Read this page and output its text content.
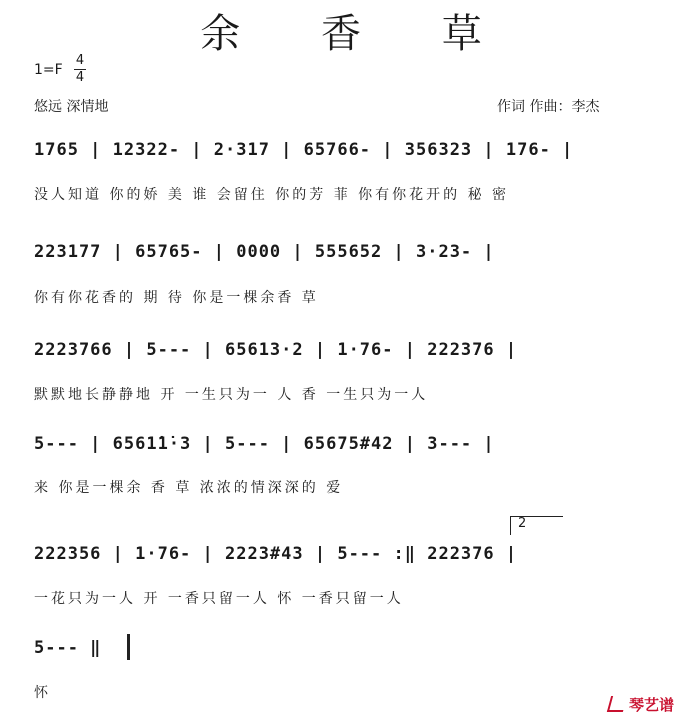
余 香 草
1=F
4
4
悠远 深情地	作词 作曲：李杰
1765 | 12322- | 2·317 | 65766- | 356323 | 176- |
没人知道 你的娇 美 谁 会留住 你的芳 菲 你有你花开的 秘 密
223177 | 65765- | 0000 | 555652 | 3·23- |
你有你花香的 期 待 你是一棵余香 草
2223766 | 5--- | 65613·2 | 1·76- | 222376 |
默默地长静静地 开 一生只为一 人 香 一生只为一人
5--- | 6561̇1̇·3 | 5--- | 65675#42 | 3--- |
来 你是一棵余 香 草 浓浓的情深深的 爱
2
222356 | 1·76- | 2223#43 | 5--- :‖ 222376 |
一花只为一人 开 一香只留一人 怀 一香只留一人
5--- ‖
怀
琴艺谱
